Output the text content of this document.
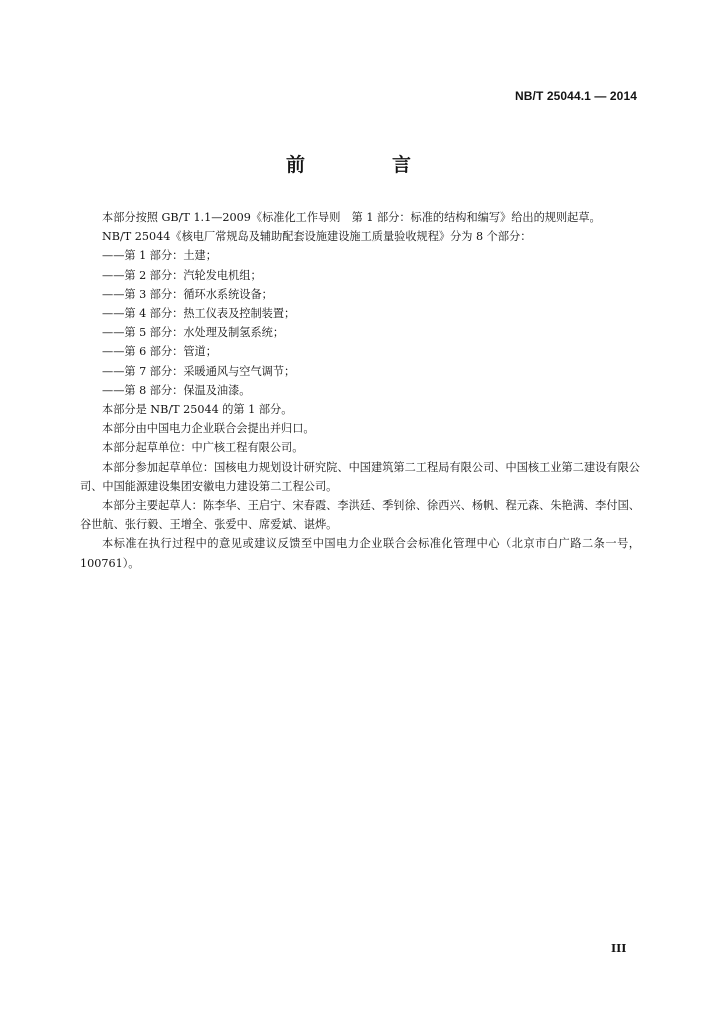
NB/T 25044.1 — 2014
前　言

本部分按照 GB/T 1.1—2009《标准化工作导则　第 1 部分：标准的结构和编写》给出的规则起草。

NB/T 25044《核电厂常规岛及辅助配套设施建设施工质量验收规程》分为 8 个部分：

——第 1 部分：土建；

——第 2 部分：汽轮发电机组；

——第 3 部分：循环水系统设备；

——第 4 部分：热工仪表及控制装置；

——第 5 部分：水处理及制氢系统；

——第 6 部分：管道；

——第 7 部分：采暖通风与空气调节；

——第 8 部分：保温及油漆。

本部分是 NB/T 25044 的第 1 部分。

本部分由中国电力企业联合会提出并归口。

本部分起草单位：中广核工程有限公司。

本部分参加起草单位：国核电力规划设计研究院、中国建筑第二工程局有限公司、中国核工业第二建设有限公司、中国能源建设集团安徽电力建设第二工程公司。

本部分主要起草人：陈李华、王启宁、宋春霞、李洪廷、季钊徐、徐西兴、杨帆、程元森、朱艳满、李付国、谷世航、张行毅、王增全、张爱中、席爱斌、谌烨。

本标准在执行过程中的意见或建议反馈至中国电力企业联合会标准化管理中心（北京市白广路二条一号，100761）。

III
